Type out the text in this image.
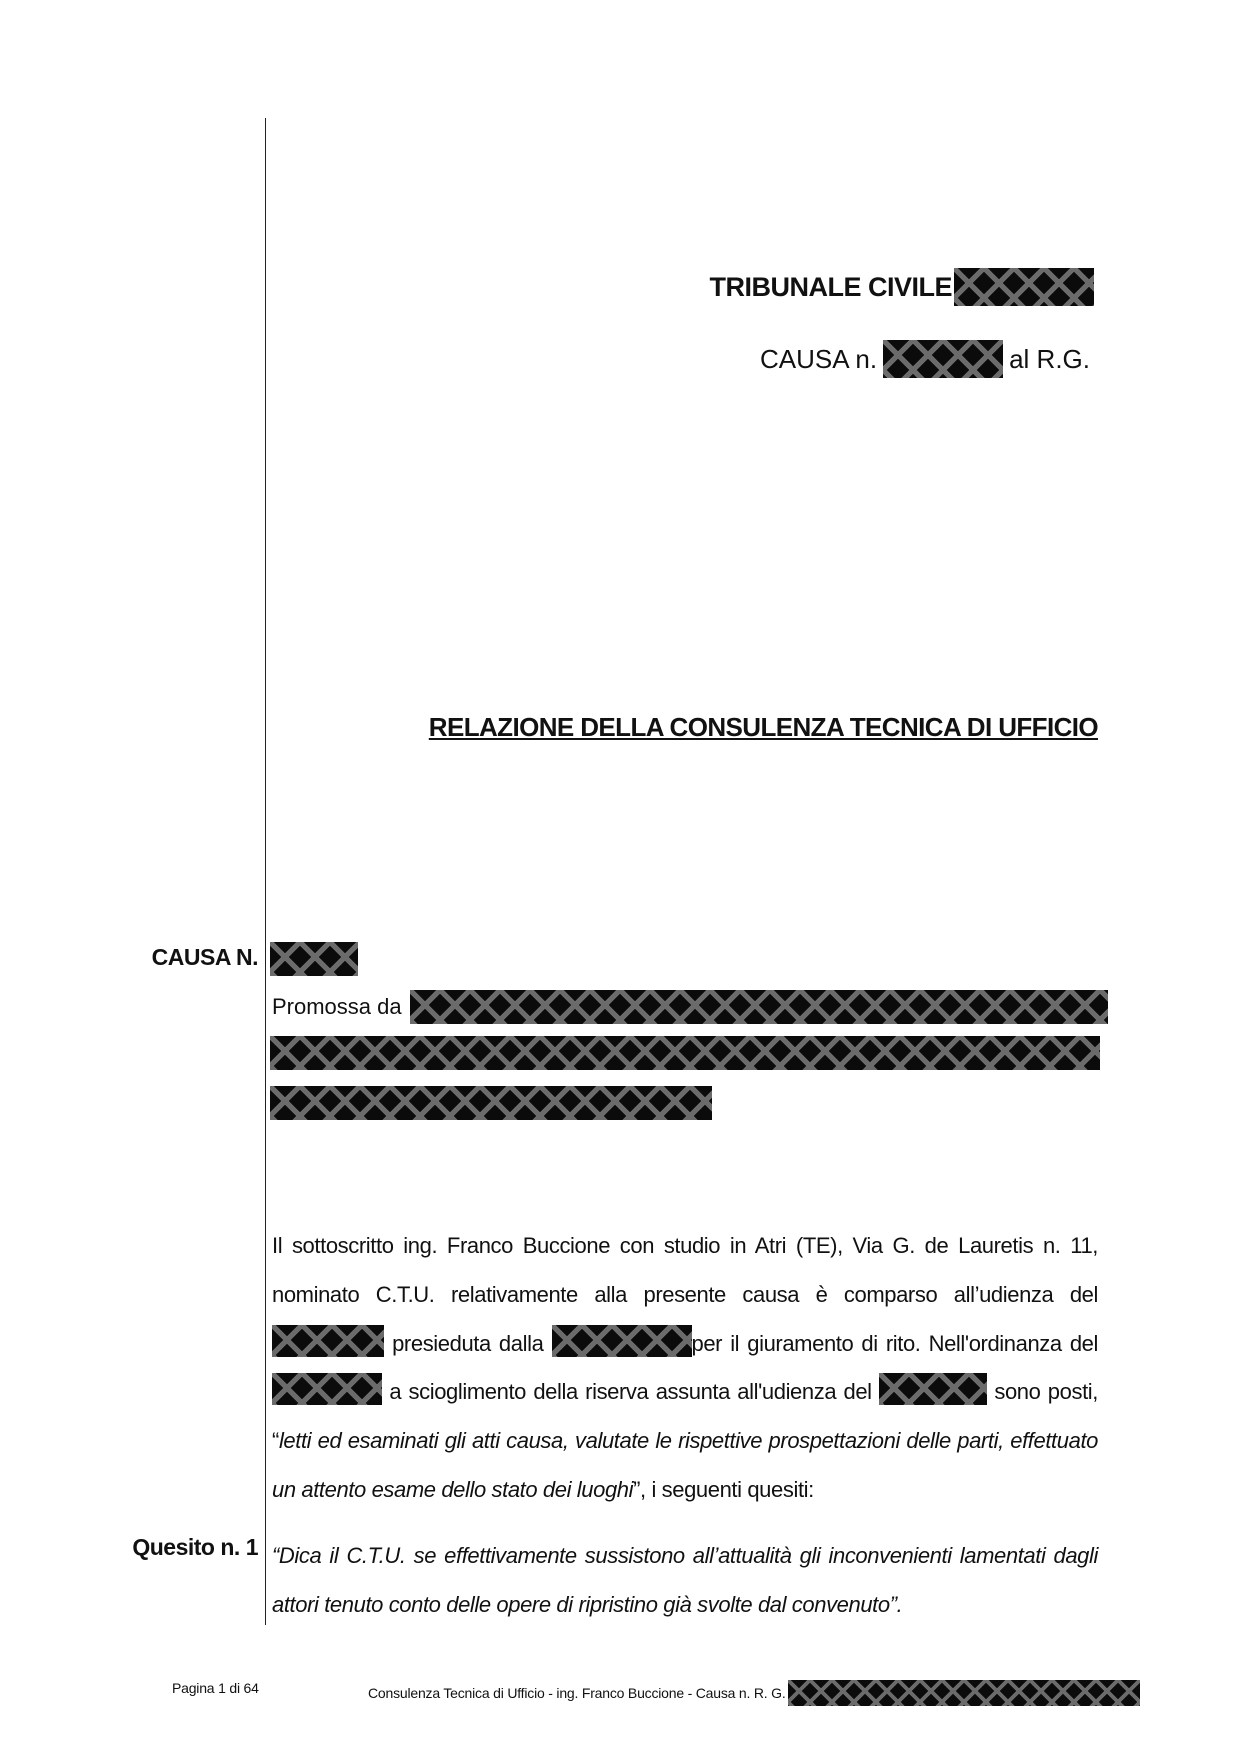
TRIBUNALE CIVILE
CAUSA n.	al R.G.
RELAZIONE DELLA CONSULENZA TECNICA DI UFFICIO
CAUSA N.
Promossa da
Il sottoscritto ing. Franco Buccione con studio in Atri (TE), Via G. de Lauretis n. 11, nominato C.T.U. relativamente alla presente causa è comparso all’udienza del  presieduta dalla	per il giuramento di rito. Nell'ordinanza del  a scioglimento della riserva assunta all'udienza del	sono posti, “letti ed esaminati gli atti causa, valutate le rispettive prospettazioni delle parti, effettuato un attento esame dello stato dei luoghi”, i seguenti quesiti:
Quesito n. 1 “Dica il C.T.U. se effettivamente sussistono all’attualità gli inconvenienti lamentati dagli attori tenuto conto delle opere di ripristino già svolte dal convenuto”.
Pagina 1 di 64	Consulenza Tecnica di Ufficio - ing. Franco Buccione - Causa n. R. G.
